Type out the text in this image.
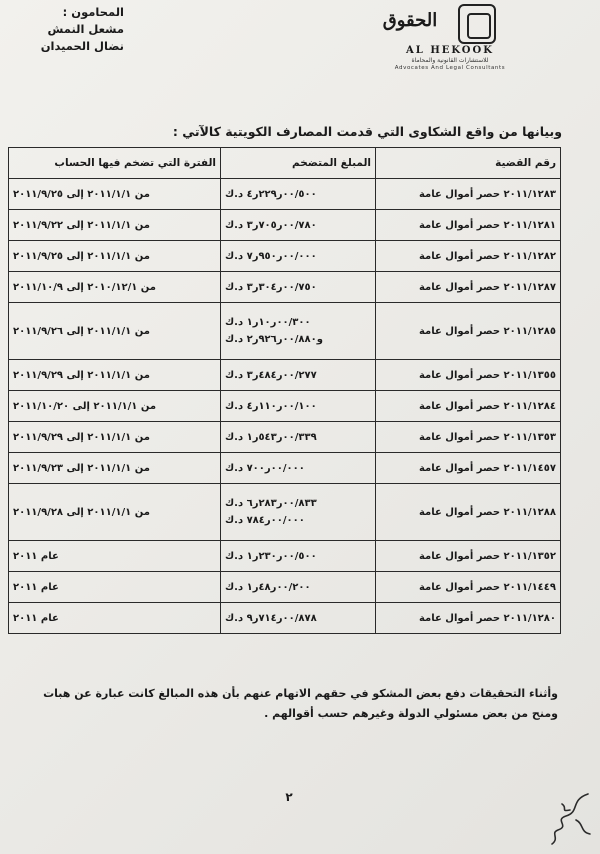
المحامون :
مشعل النمش
نضال الحميدان
الحقوق
AL HEKOOK
للاستشارات القانونية والمحاماة
Advocates And Legal Consultants
وبيانها من واقع الشكاوى التي قدمت المصارف الكويتية كالآتي :
رقم القضية	المبلغ المتضخم	الفترة التي تضخم فيها الحساب
٢٠١١/١٢٨٣ حصر أموال عامة	٠٠/٥٠٠ر٢٢٩ر٤ د.ك	من ٢٠١١/١/١ إلى ٢٠١١/٩/٢٥

٢٠١١/١٢٨١ حصر أموال عامة	٠٠/٧٨٠ر٧٠٥ر٣ د.ك	من ٢٠١١/١/١ إلى ٢٠١١/٩/٢٢

٢٠١١/١٢٨٢ حصر أموال عامة	٠٠/٠٠٠ر٩٥٠ر٧ د.ك	من ٢٠١١/١/١ إلى ٢٠١١/٩/٢٥

٢٠١١/١٢٨٧ حصر أموال عامة	٠٠/٧٥٠ر٣٠٤ر٣ د.ك	من ٢٠١٠/١٢/١ إلى ٢٠١١/١٠/٩

٢٠١١/١٢٨٥ حصر أموال عامة	٠٠/٣٠٠ر١٠ر١ د.ك
و٠٠/٨٨٠ر٩٢٦ر٢ د.ك	من ٢٠١١/١/١ إلى ٢٠١١/٩/٢٦

٢٠١١/١٣٥٥ حصر أموال عامة	٠٠/٢٧٧ر٤٨٤ر٣ د.ك	من ٢٠١١/١/١ إلى ٢٠١١/٩/٢٩

٢٠١١/١٢٨٤ حصر أموال عامة	٠٠/١٠٠ر١١٠ر٤ د.ك	من ٢٠١١/١/١ إلى ٢٠١١/١٠/٢٠

٢٠١١/١٣٥٣ حصر أموال عامة	٠٠/٣٣٩ر٥٤٣ر١ د.ك	من ٢٠١١/١/١ إلى ٢٠١١/٩/٢٩

٢٠١١/١٤٥٧ حصر أموال عامة	٠٠/٠٠٠ر٧٠٠ د.ك	من ٢٠١١/١/١ إلى ٢٠١١/٩/٢٣

٢٠١١/١٢٨٨ حصر أموال عامة	٠٠/٨٣٣ر٢٨٣ر٦ د.ك
٠٠/٠٠٠ر٧٨٤ د.ك	من ٢٠١١/١/١ إلى ٢٠١١/٩/٢٨

٢٠١١/١٣٥٢ حصر أموال عامة	٠٠/٥٠٠ر٢٣٠ر١ د.ك	عام ٢٠١١

٢٠١١/١٤٤٩ حصر أموال عامة	٠٠/٢٠٠ر٤٨ر١ د.ك	عام ٢٠١١

٢٠١١/١٢٨٠ حصر أموال عامة	٠٠/٨٧٨ر٧١٤ر٩ د.ك	عام ٢٠١١
وأثناء التحقيقات دفع بعض المشكو في حقهم الاتهام عنهم بأن هذه المبالغ كانت عبارة عن هبات ومنح من بعض مسئولي الدولة وغيرهم حسب أقوالهم .
٢
